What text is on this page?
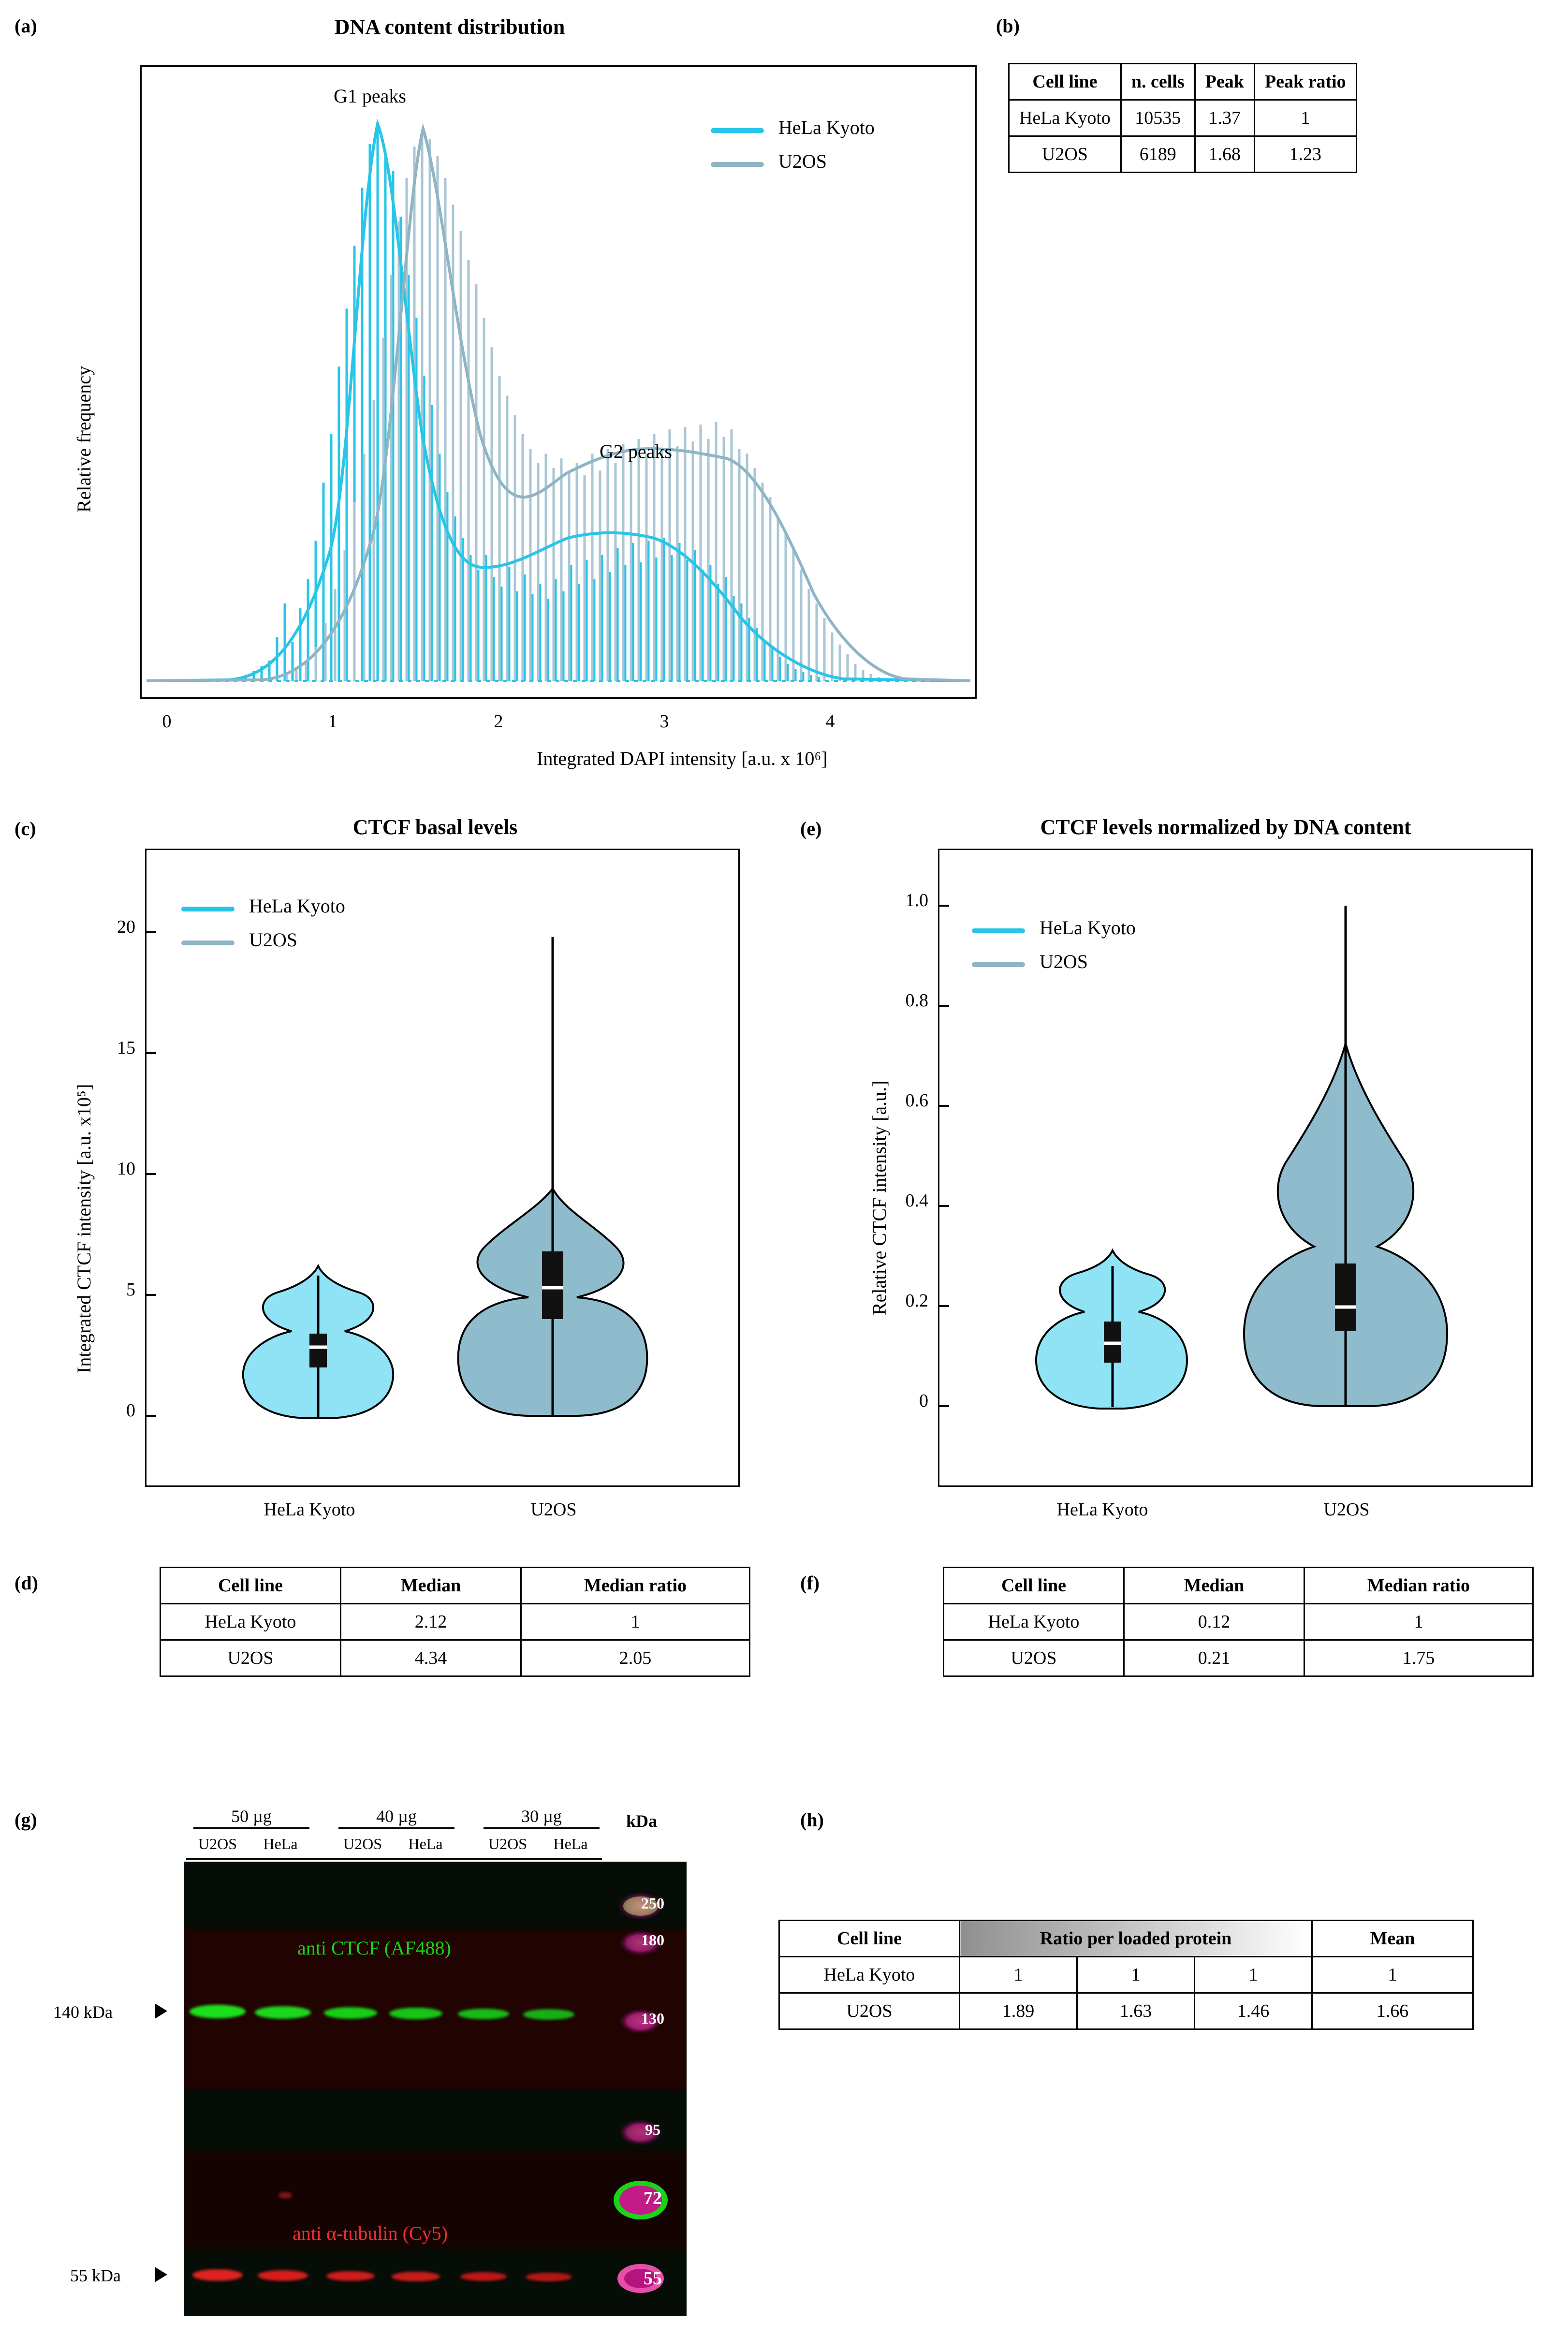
(a)	DNA content distribution
G1 peaks
G2 peaks
HeLa Kyoto
U2OS
Relative frequency
0	1	2	3	4
Integrated DAPI intensity [a.u. x 10⁶]
(b)
Cell line	n. cells	Peak	Peak ratio
HeLa Kyoto	10535	1.37	1
U2OS	6189	1.68	1.23
(c)	CTCF basal levels
HeLa Kyoto
U2OS
Integrated CTCF intensity [a.u. x10⁵]
0
5
10
15
20
HeLa Kyoto	U2OS
(e)	CTCF levels normalized by DNA content
HeLa Kyoto
U2OS
Relative CTCF intensity [a.u.]
0
0.2
0.4
0.6
0.8
1.0
HeLa Kyoto	U2OS
(d)	Cell line	Median	Median ratio
HeLa Kyoto	2.12	1
U2OS	4.34	2.05
(f)	Cell line	Median	Median ratio
HeLa Kyoto	0.12	1
U2OS	0.21	1.75
(g)	50 µg	40 µg	30 µg	kDa
U2OS	HeLa	U2OS	HeLa	U2OS	HeLa
250
180
130
95
72
55
anti CTCF (AF488)
anti α-tubulin (Cy5)
140 kDa
55 kDa
(h)
Cell line	Ratio per loaded protein			Mean
HeLa Kyoto	1	1	1	1
U2OS	1.89	1.63	1.46	1.66
